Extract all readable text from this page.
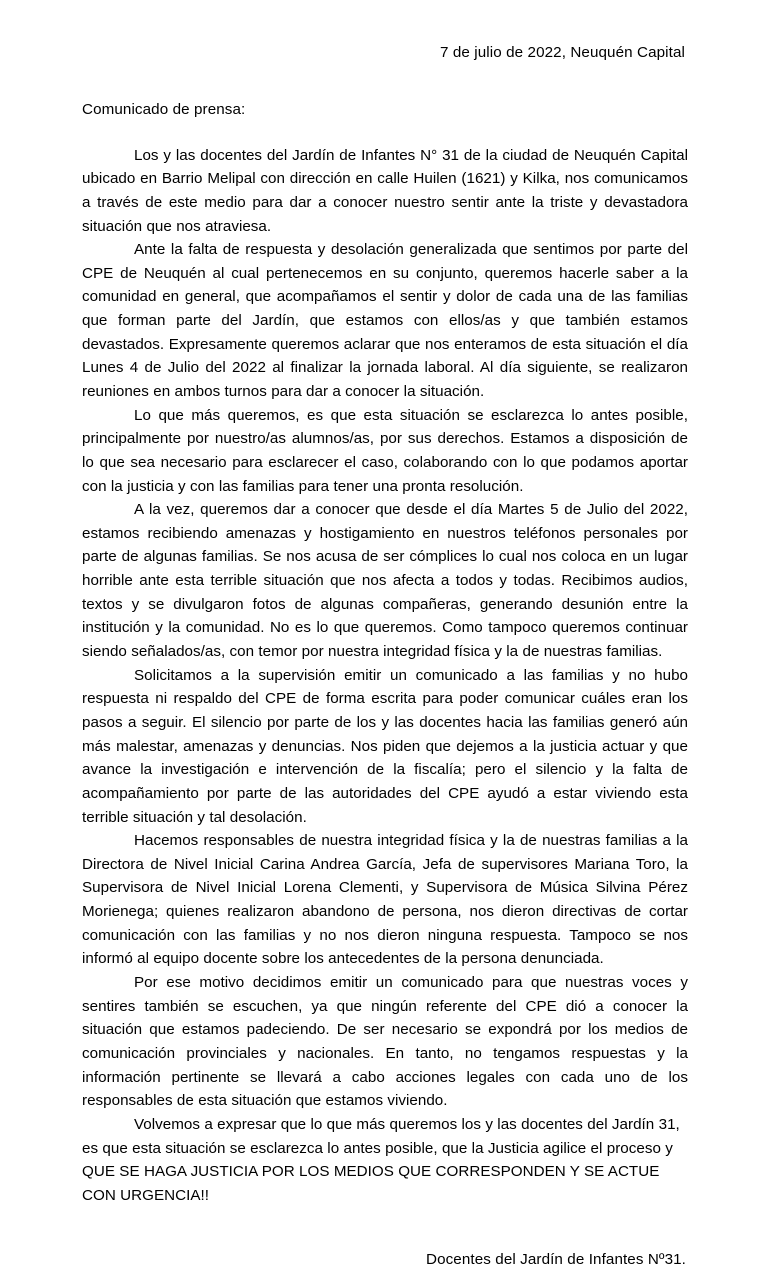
7 de julio de 2022, Neuquén Capital
Comunicado de prensa:

Los y las docentes del Jardín de Infantes N° 31 de la ciudad de Neuquén Capital ubicado en Barrio Melipal con dirección en calle Huilen (1621) y Kilka, nos comunicamos a través de este medio para dar a conocer nuestro sentir ante la triste y devastadora situación que nos atraviesa.

Ante la falta de respuesta y desolación generalizada que sentimos por parte del CPE de Neuquén al cual pertenecemos en su conjunto, queremos hacerle saber a la comunidad en general, que acompañamos el sentir y dolor de cada una de las familias que forman parte del Jardín, que estamos con ellos/as y que también estamos devastados. Expresamente queremos aclarar que nos enteramos de esta situación el día Lunes 4 de Julio del 2022 al finalizar la jornada laboral. Al día siguiente, se realizaron reuniones en ambos turnos para dar a conocer la situación.

Lo que más queremos, es que esta situación se esclarezca lo antes posible, principalmente por nuestro/as alumnos/as, por sus derechos. Estamos a disposición de lo que sea necesario para esclarecer el caso, colaborando con lo que podamos aportar con la justicia y con las familias para tener una pronta resolución.

A la vez, queremos dar a conocer que desde el día Martes 5 de Julio del 2022, estamos recibiendo amenazas y hostigamiento en nuestros teléfonos personales por parte de algunas familias. Se nos acusa de ser cómplices lo cual nos coloca en un lugar horrible ante esta terrible situación que nos afecta a todos y todas. Recibimos audios, textos y se divulgaron fotos de algunas compañeras, generando desunión entre la institución y la comunidad. No es lo que queremos. Como tampoco queremos continuar siendo señalados/as, con temor por nuestra integridad física y la de nuestras familias.

Solicitamos a la supervisión emitir un comunicado a las familias y no hubo respuesta ni respaldo del CPE de forma escrita para poder comunicar cuáles eran los pasos a seguir. El silencio por parte de los y las docentes hacia las familias generó aún más malestar, amenazas y denuncias. Nos piden que dejemos a la justicia actuar y que avance la investigación e intervención de la fiscalía; pero el silencio y la falta de acompañamiento por parte de las autoridades del CPE ayudó a estar viviendo esta terrible situación y tal desolación.

Hacemos responsables de nuestra integridad física y la de nuestras familias a la Directora de Nivel Inicial Carina Andrea García, Jefa de supervisores Mariana Toro, la Supervisora de Nivel Inicial Lorena Clementi, y Supervisora de Música Silvina Pérez Morienega; quienes realizaron abandono de persona, nos dieron directivas de cortar comunicación con las familias y no nos dieron ninguna respuesta. Tampoco se nos informó al equipo docente sobre los antecedentes de la persona denunciada.

Por ese motivo decidimos emitir un comunicado para que nuestras voces y sentires también se escuchen, ya que ningún referente del CPE dió a conocer la situación que estamos padeciendo. De ser necesario se expondrá por los medios de comunicación provinciales y nacionales. En tanto, no tengamos respuestas y la información pertinente se llevará a cabo acciones legales con cada uno de los responsables de esta situación que estamos viviendo.

Volvemos a expresar que lo que más queremos los y las docentes del Jardín 31, es que esta situación se esclarezca lo antes posible, que la Justicia agilice el proceso y QUE SE HAGA JUSTICIA POR LOS MEDIOS QUE CORRESPONDEN Y SE ACTUE CON URGENCIA!!

Docentes del Jardín de Infantes Nº31.
